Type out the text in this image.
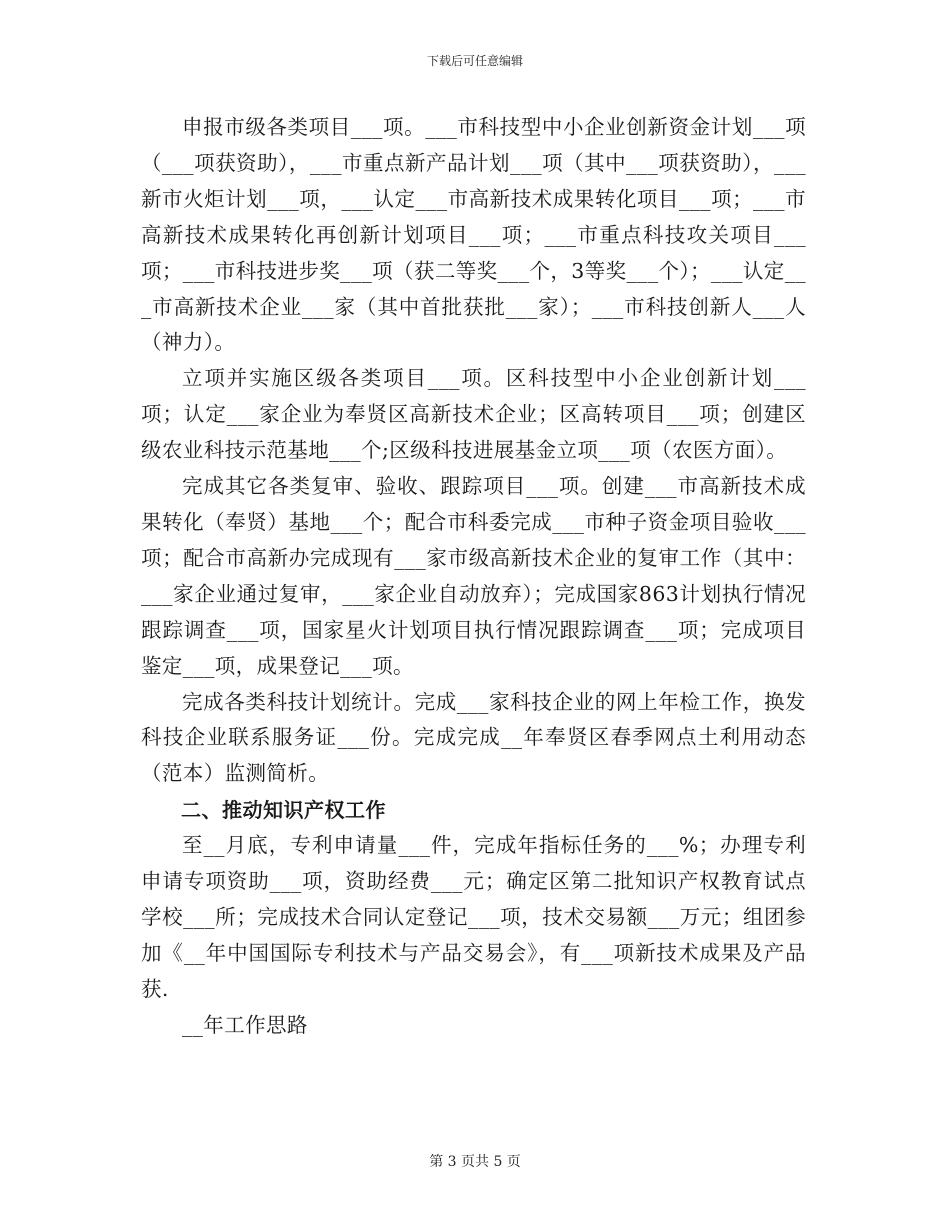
下载后可任意编辑

申报市级各类项目___项。___市科技型中小企业创新资金计划___项（___项获资助），___市重点新产品计划___项（其中___项获资助），___新市火炬计划___项，___认定___市高新技术成果转化项目___项；___市高新技术成果转化再创新计划项目___项；___市重点科技攻关项目___项；___市科技进步奖___项（获二等奖___个，3等奖___个）；___认定___市高新技术企业___家（其中首批获批___家）；___市科技创新人___人（神力）。

立项并实施区级各类项目___项。区科技型中小企业创新计划___项；认定___家企业为奉贤区高新技术企业；区高转项目___项；创建区级农业科技示范基地___个;区级科技进展基金立项___项（农医方面）。

完成其它各类复审、验收、跟踪项目___项。创建___市高新技术成果转化（奉贤）基地___个；配合市科委完成___市种子资金项目验收___项；配合市高新办完成现有___家市级高新技术企业的复审工作（其中：___家企业通过复审，___家企业自动放弃）；完成国家863计划执行情况跟踪调查___项，国家星火计划项目执行情况跟踪调查___项；完成项目鉴定___项，成果登记___项。

完成各类科技计划统计。完成___家科技企业的网上年检工作，换发科技企业联系服务证___份。完成完成__年奉贤区春季网点土利用动态（范本）监测简析。

二、推动知识产权工作

至__月底，专利申请量___件，完成年指标任务的___%；办理专利申请专项资助___项，资助经费___元；确定区第二批知识产权教育试点学校___所；完成技术合同认定登记___项，技术交易额___万元；组团参加《__年中国国际专利技术与产品交易会》，有___项新技术成果及产品获.

__年工作思路

第 3 页共 5 页
